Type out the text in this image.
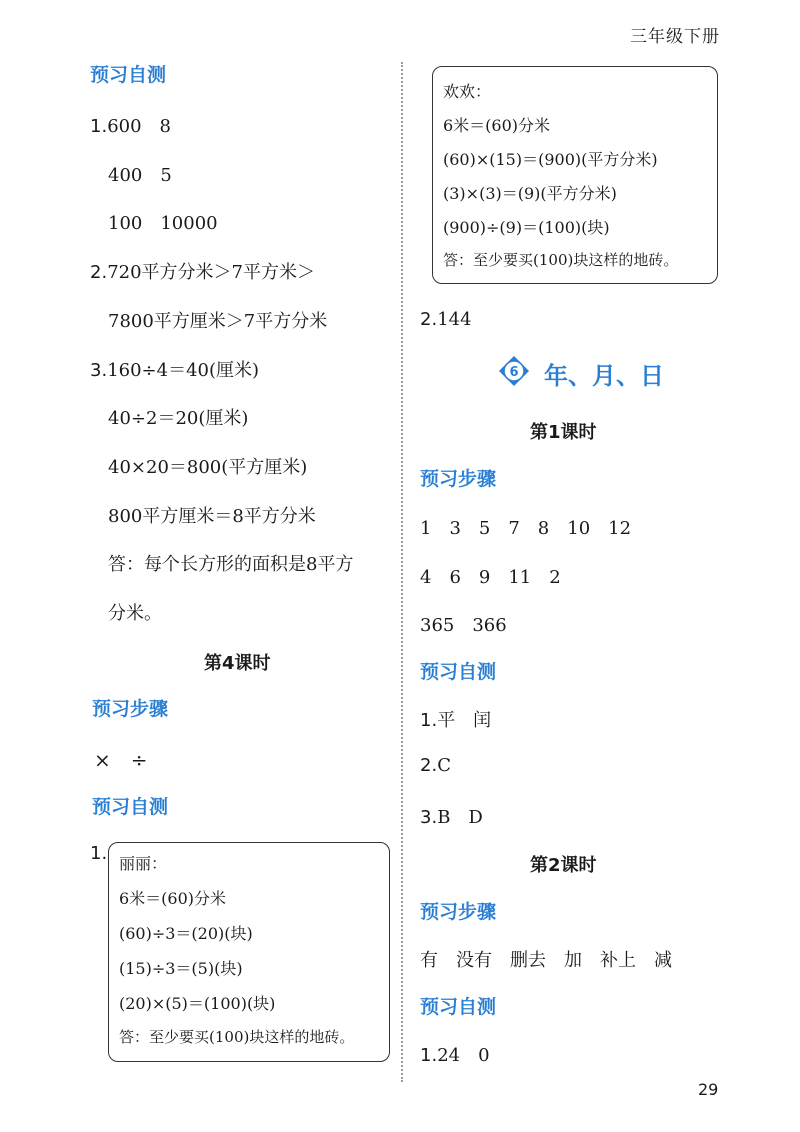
三年级下册
预习自测
1.600　8
400　5
100　10000
2.720平方分米＞7平方米＞
7800平方厘米＞7平方分米
3.160÷4＝40(厘米)
40÷2＝20(厘米)
40×20＝800(平方厘米)
800平方厘米＝8平方分米
答：每个长方形的面积是8平方
分米。
第4课时
预习步骤
×　÷
预习自测
1. 丽丽：
6米＝(60)分米
(60)÷3＝(20)(块)
(15)÷3＝(5)(块)
(20)×(5)＝(100)(块)
答：至少要买(100)块这样的地砖。
欢欢：
6米＝(60)分米
(60)×(15)＝(900)(平方分米)
(3)×(3)＝(9)(平方分米)
(900)÷(9)＝(100)(块)
答：至少要买(100)块这样的地砖。
2.144
6 年、月、日
第1课时
预习步骤
1　3　5　7　8　10　12
4　6　9　11　2
365　366
预习自测
1.平　闰
2.C
3.B　D
第2课时
预习步骤
有　没有　删去　加　补上　减
预习自测
1.24　0
29
